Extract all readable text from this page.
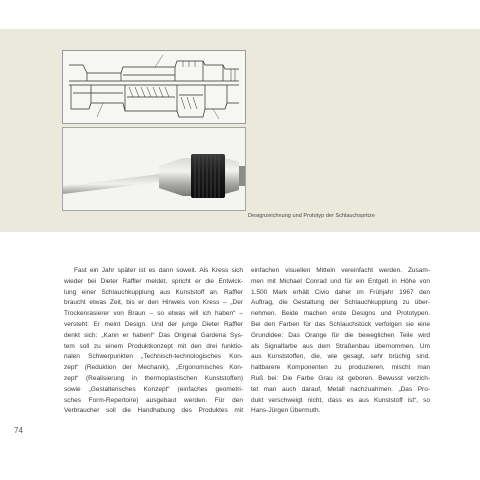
Designzeichnung und Prototyp der Schlauchspritze
Fast ein Jahr später ist es dann soweit. Als Kress sich
wieder bei Dieter Raffler meldet, spricht er die Entwick-
lung einer Schlauchkupplung aus Kunststoff an. Raffler
braucht etwas Zeit, bis er den Hinweis von Kress – „Der
Trockenrasierer von Braun – so etwas will ich haben“ –
versteht: Er meint Design. Und der junge Dieter Raffler
denkt sich: „Kann er haben!“ Das Original Gardena Sys-
tem soll zu einem Produktkonzept mit den drei funktio-
nalen Schwerpunkten „Technisch-technologisches Kon-
zept“ (Reduktion der Mechanik), „Ergonomisches Kon-
zept“ (Realisierung in thermoplastischen Kunststoffen)
sowie „Gestalterisches Konzept“ (einfaches geometri-
sches Form-Repertoire) ausgebaut werden. Für den
Verbraucher soll die Handhabung des Produktes mit
einfachen visuellen Mitteln vereinfacht werden. Zusam-
men mit Michael Conrad und für ein Entgelt in Höhe von
1.500 Mark erhält Civio daher im Frühjahr 1967 den
Auftrag, die Gestaltung der Schlauchkupplung zu über-
nehmen. Beide machen erste Designs und Prototypen.
Bei den Farben für das Schlauchstück verfolgen sie eine
Grundidee: Das Orange für die beweglichen Teile wird
als Signalfarbe aus dem Straßenbau übernommen. Um
aus Kunststoffen, die, wie gesagt, sehr brüchig sind,
haltbarere Komponenten zu produzieren, mischt man
Ruß bei: Die Farbe Grau ist geboren. Bewusst verzich-
tet man auch darauf, Metall nachzuahmen. „Das Pro-
dukt verschweigt nicht, dass es aus Kunststoff ist“, so
Hans-Jürgen Übermuth.
74
